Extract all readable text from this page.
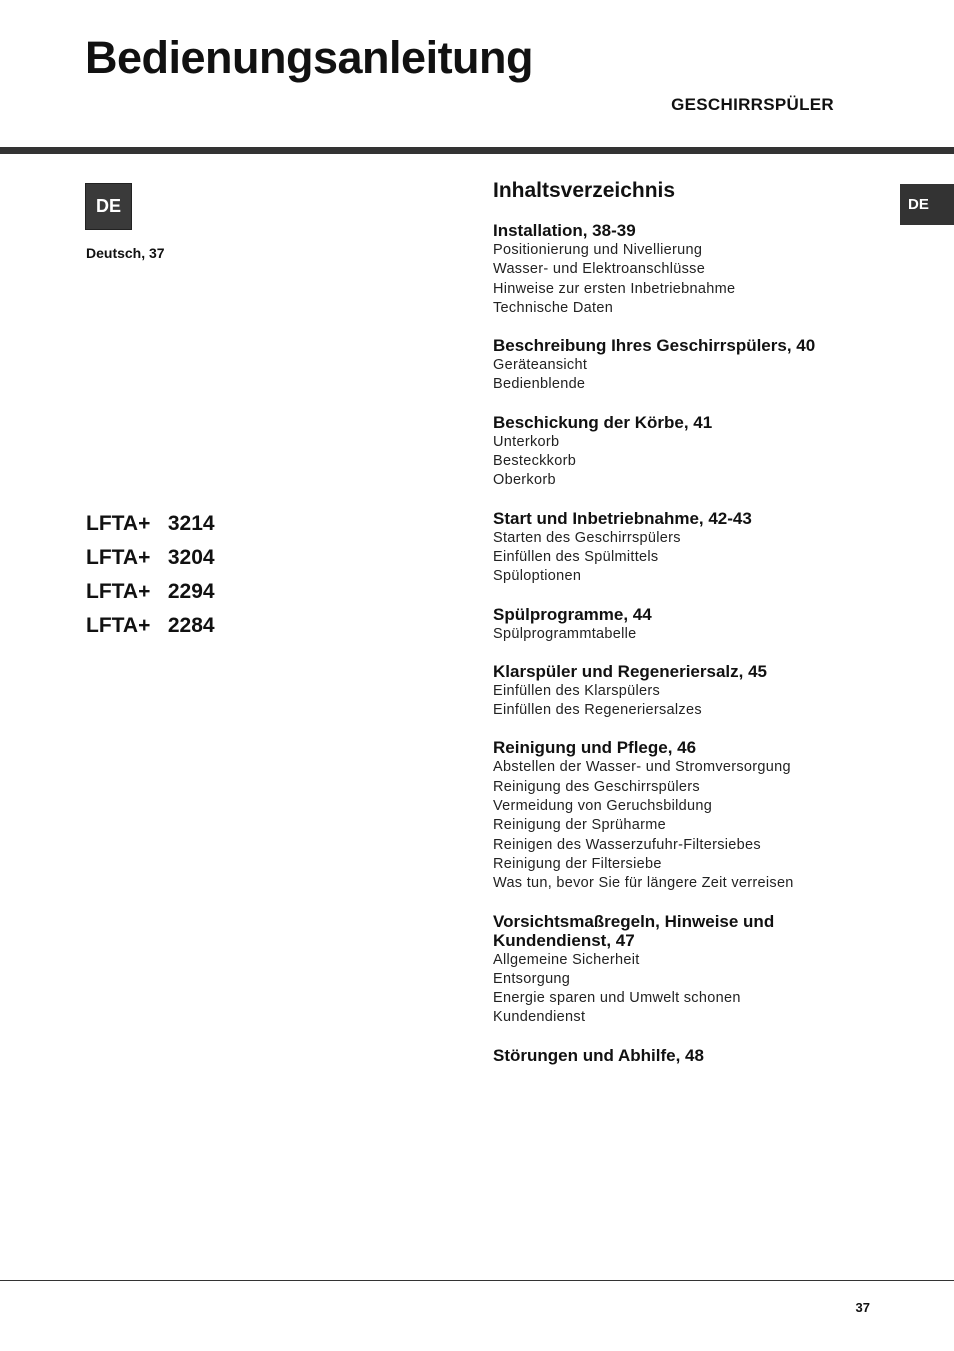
Bedienungsanleitung
GESCHIRRSPÜLER
DE
Deutsch, 37
DE
LFTA+   3214
LFTA+   3204
LFTA+   2294
LFTA+   2284
Inhaltsverzeichnis
Installation, 38-39
Positionierung und Nivellierung
Wasser- und Elektroanschlüsse
Hinweise zur ersten Inbetriebnahme
Technische Daten
Beschreibung Ihres Geschirrspülers, 40
Geräteansicht
Bedienblende
Beschickung der Körbe, 41
Unterkorb
Besteckkorb
Oberkorb
Start und Inbetriebnahme, 42-43
Starten des Geschirrspülers
Einfüllen des Spülmittels
Spüloptionen
Spülprogramme, 44
Spülprogrammtabelle
Klarspüler und Regeneriersalz, 45
Einfüllen des Klarspülers
Einfüllen des Regeneriersalzes
Reinigung und Pflege, 46
Abstellen der Wasser- und Stromversorgung
Reinigung des Geschirrspülers
Vermeidung von Geruchsbildung
Reinigung der Sprüharme
Reinigen des Wasserzufuhr-Filtersiebes
Reinigung der Filtersiebe
Was tun, bevor Sie für längere Zeit verreisen
Vorsichtsmaßregeln, Hinweise und Kundendienst, 47
Allgemeine Sicherheit
Entsorgung
Energie sparen und Umwelt schonen
Kundendienst
Störungen und Abhilfe, 48
37
